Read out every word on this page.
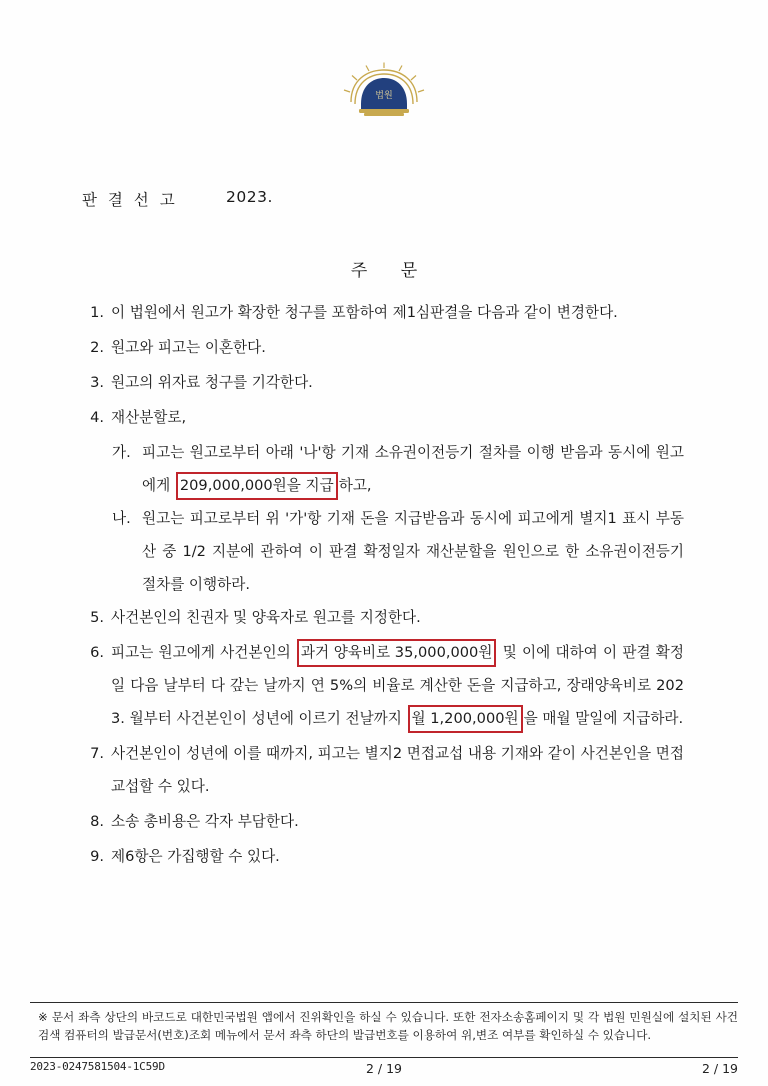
법원
판 결 선 고	2023.
주 문
1. 이 법원에서 원고가 확장한 청구를 포함하여 제1심판결을 다음과 같이 변경한다.
2. 원고와 피고는 이혼한다.
3. 원고의 위자료 청구를 기각한다.
4. 재산분할로,
가. 피고는 원고로부터 아래 '나'항 기재 소유권이전등기 절차를 이행 받음과 동시에 원고에게 209,000,000원을 지급 하고,
나. 원고는 피고로부터 위 '가'항 기재 돈을 지급받음과 동시에 피고에게 별지1 표시 부동산 중 1/2 지분에 관하여 이 판결 확정일자 재산분할을 원인으로 한 소유권이전등기 절차를 이행하라.
5. 사건본인의 친권자 및 양육자로 원고를 지정한다.
6. 피고는 원고에게 사건본인의 과거 양육비로 35,000,000원 및 이에 대하여 이 판결 확정일 다음 날부터 다 갚는 날까지 연 5%의 비율로 계산한 돈을 지급하고, 장래양육비로 2023. 월부터 사건본인이 성년에 이르기 전날까지 월 1,200,000원 을 매월 말일에 지급하라.
7. 사건본인이 성년에 이를 때까지, 피고는 별지2 면접교섭 내용 기재와 같이 사건본인을 면접교섭할 수 있다.
8. 소송 총비용은 각자 부담한다.
9. 제6항은 가집행할 수 있다.
※ 문서 좌측 상단의 바코드로 대한민국법원 앱에서 진위확인을 하실 수 있습니다. 또한 전자소송홈페이지 및 각 법원 민원실에 설치된 사건검색 컴퓨터의 발급문서(번호)조회 메뉴에서 문서 좌측 하단의 발급번호를 이용하여 위,변조 여부를 확인하실 수 있습니다.
2023-0247581504-1C59D	2 / 19	2 / 19
